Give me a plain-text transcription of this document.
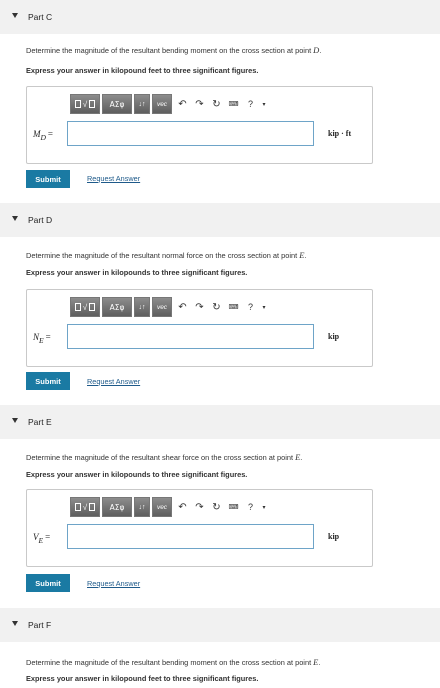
Part C
Determine the magnitude of the resultant bending moment on the cross section at point D.
Express your answer in kilopound feet to three significant figures.
√	ΑΣφ	↓↑	vec	↶ ↷ ↻	⌨	?	▾
$M_D$ =	kip · ft
Submit	Request Answer
Part D
Determine the magnitude of the resultant normal force on the cross section at point E.
Express your answer in kilopounds to three significant figures.
√	ΑΣφ	↓↑	vec	↶ ↷ ↻	⌨	?	▾
$N_E$ =	kip
Submit	Request Answer
Part E
Determine the magnitude of the resultant shear force on the cross section at point E.
Express your answer in kilopounds to three significant figures.
√	ΑΣφ	↓↑	vec	↶ ↷ ↻	⌨	?	▾
$V_E$ =	kip
Submit	Request Answer
Part F
Determine the magnitude of the resultant bending moment on the cross section at point E.
Express your answer in kilopound feet to three significant figures.
